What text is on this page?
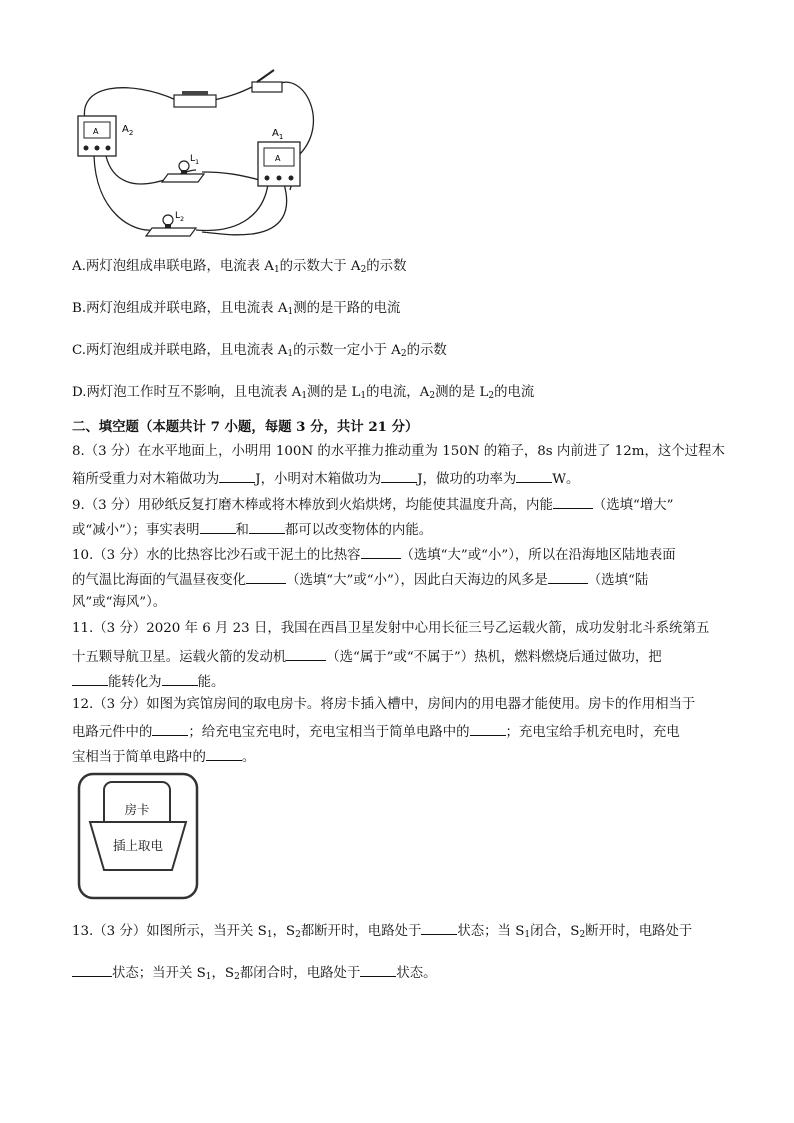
A $A_2$
A
$A_1$
$L_1$
$L_2$
A.两灯泡组成串联电路，电流表 $A_1$的示数大于 $A_2$的示数
B.两灯泡组成并联电路，且电流表 $A_1$测的是干路的电流
C.两灯泡组成并联电路，且电流表 $A_1$的示数一定小于 $A_2$的示数
D.两灯泡工作时互不影响，且电流表 $A_1$测的是 $L_1$的电流，$A_2$测的是 $L_2$的电流
二、填空题（本题共计 7 小题，每题 3 分，共计 21 分）
8.（3 分）在水平地面上，小明用 100N 的水平推力推动重为 150N 的箱子，8s 内前进了 12m，这个过程木
箱所受重力对木箱做功为	J，小明对木箱做功为	J，做功的功率为	W。
9.（3 分）用砂纸反复打磨木棒或将木棒放到火焰烘烤，均能使其温度升高，内能	（选填“增大”
或“减小”）；事实表明	和	都可以改变物体的内能。
10.（3 分）水的比热容比沙石或干泥土的比热容	（选填“大”或“小”），所以在沿海地区陆地表面
的气温比海面的气温昼夜变化	（选填“大”或“小”），因此白天海边的风多是	（选填“陆
风”或“海风”）。
11.（3 分）2020 年 6 月 23 日，我国在西昌卫星发射中心用长征三号乙运载火箭，成功发射北斗系统第五
十五颗导航卫星。运载火箭的发动机	（选“属于”或“不属于”）热机，燃料燃烧后通过做功，把
能转化为	能。
12.（3 分）如图为宾馆房间的取电房卡。将房卡插入槽中，房间内的用电器才能使用。房卡的作用相当于
电路元件中的	；给充电宝充电时，充电宝相当于简单电路中的	；充电宝给手机充电时，充电
宝相当于简单电路中的	。
房卡
插上取电
13.（3 分）如图所示，当开关 $S_1$，$S_2$都断开时，电路处于	状态；当 $S_1$闭合，$S_2$断开时，电路处于
状态；当开关 $S_1$，$S_2$都闭合时，电路处于	状态。
